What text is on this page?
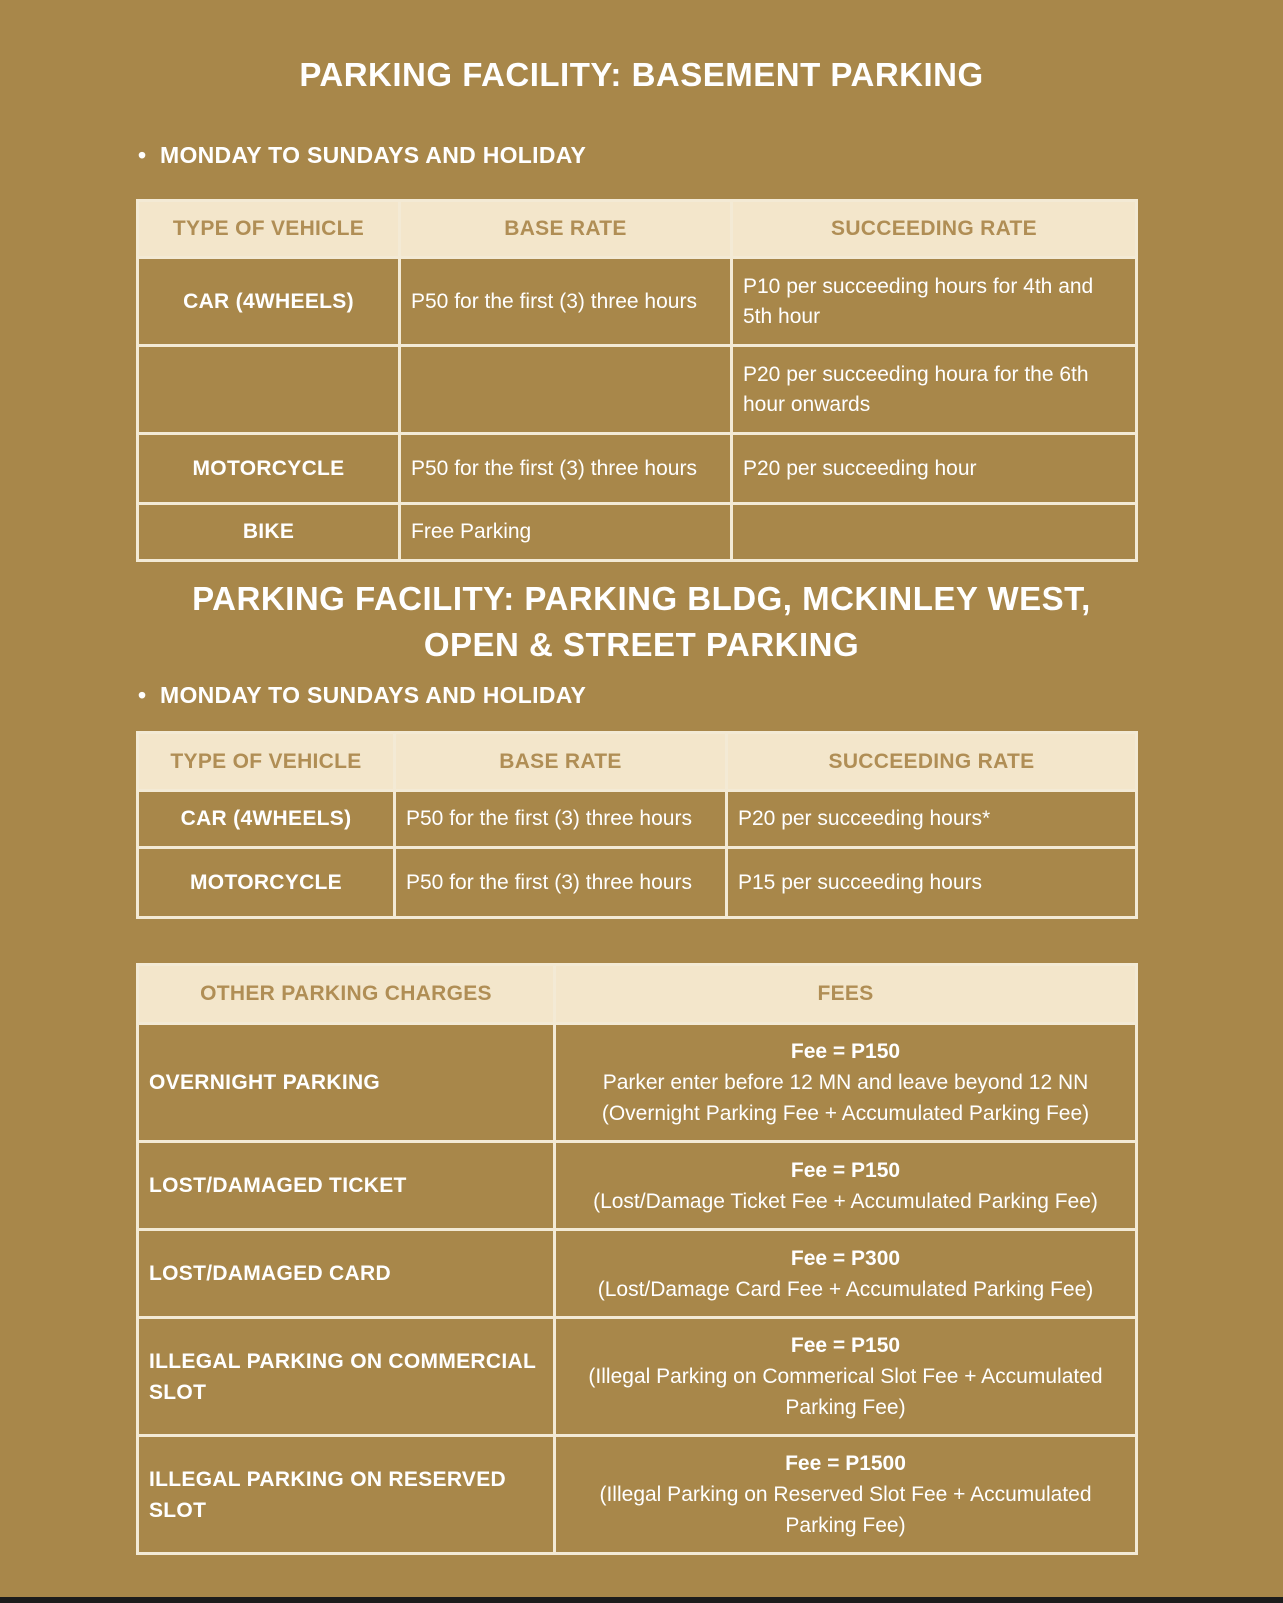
PARKING FACILITY: BASEMENT PARKING
• MONDAY TO SUNDAYS AND HOLIDAY
TYPE OF VEHICLE	BASE RATE	SUCCEEDING RATE
CAR (4WHEELS)	P50 for the first (3) three hours	P10 per succeeding hours for 4th and 5th hour
		P20 per succeeding houra for the 6th hour onwards
MOTORCYCLE	P50 for the first (3) three hours	P20 per succeeding hour
BIKE	Free Parking	
PARKING FACILITY: PARKING BLDG, MCKINLEY WEST,
OPEN & STREET PARKING
• MONDAY TO SUNDAYS AND HOLIDAY
TYPE OF VEHICLE	BASE RATE	SUCCEEDING RATE
CAR (4WHEELS)	P50 for the first (3) three hours	P20 per succeeding hours*
MOTORCYCLE	P50 for the first (3) three hours	P15 per succeeding hours
OTHER PARKING CHARGES	FEES
OVERNIGHT PARKING	Fee = P150
Parker enter before 12 MN and leave beyond 12 NN (Overnight Parking Fee + Accumulated Parking Fee)

LOST/DAMAGED TICKET	Fee = P150
(Lost/Damage Ticket Fee + Accumulated Parking Fee)

LOST/DAMAGED CARD	Fee = P300
(Lost/Damage Card Fee + Accumulated Parking Fee)

ILLEGAL PARKING ON COMMERCIAL SLOT	Fee = P150
(Illegal Parking on Commerical Slot Fee + Accumulated Parking Fee)

ILLEGAL PARKING ON RESERVED SLOT	Fee = P1500
(Illegal Parking on Reserved Slot Fee + Accumulated Parking Fee)
